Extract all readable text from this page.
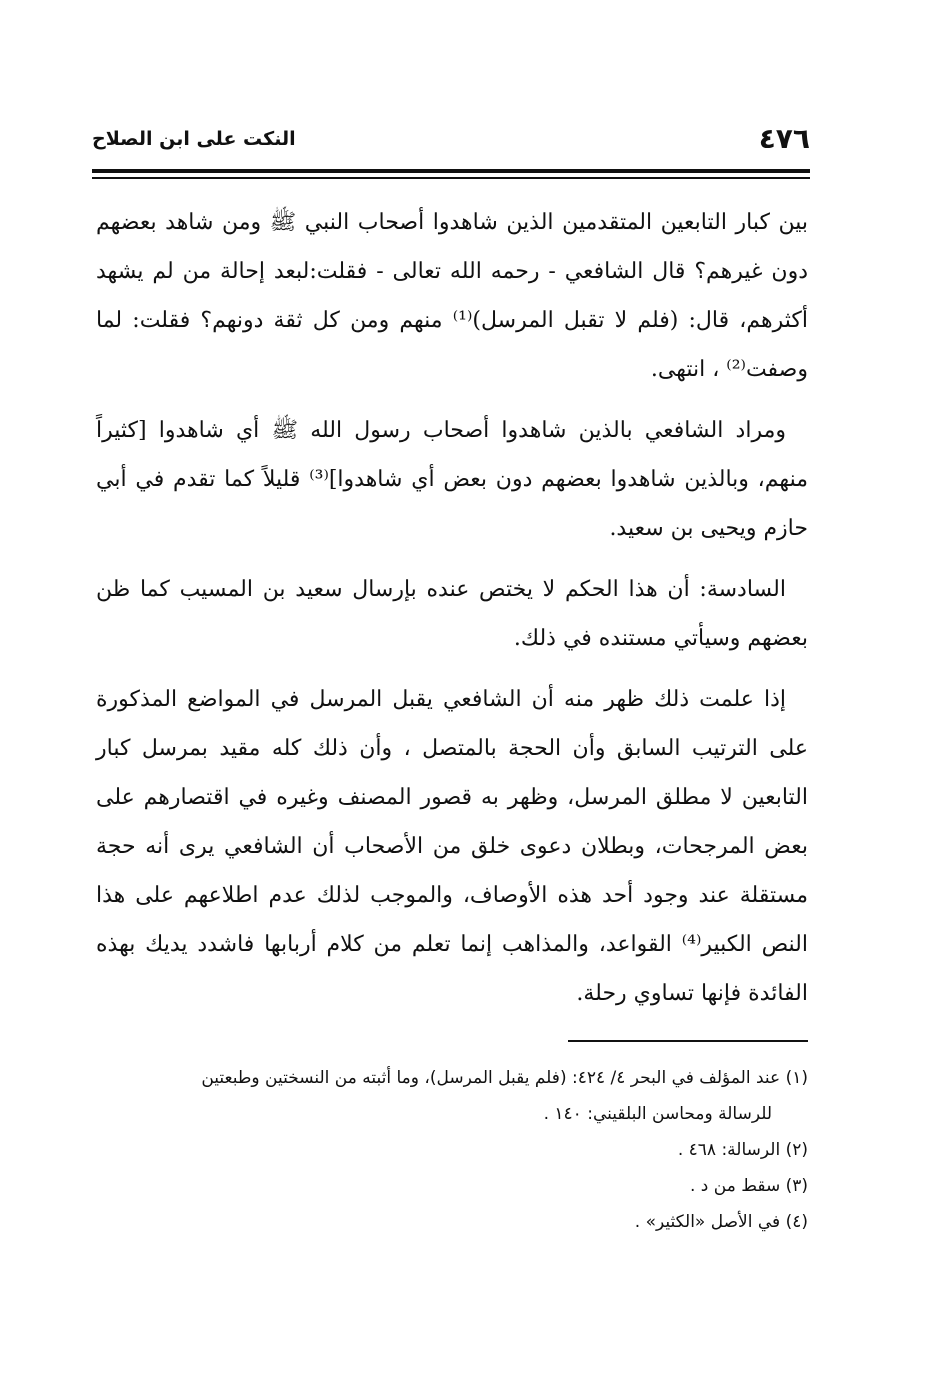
٤٧٦
النكت على ابن الصلاح

بين كبار التابعين المتقدمين الذين شاهدوا أصحاب النبي ﷺ ومن شاهد بعضهم دون غيرهم؟ قال الشافعي - رحمه الله تعالى - فقلت:لبعد إحالة من لم يشهد أكثرهم، قال: (فلم لا تقبل المرسل)⁽¹⁾ منهم ومن كل ثقة دونهم؟ فقلت: لما وصفت⁽²⁾ ، انتهى.

ومراد الشافعي بالذين شاهدوا أصحاب رسول الله ﷺ أي شاهدوا [كثيراً منهم، وبالذين شاهدوا بعضهم دون بعض أي شاهدوا]⁽³⁾ قليلاً كما تقدم في أبي حازم ويحيى بن سعيد.

السادسة: أن هذا الحكم لا يختص عنده بإرسال سعيد بن المسيب كما ظن بعضهم وسيأتي مستنده في ذلك.

إذا علمت ذلك ظهر منه أن الشافعي يقبل المرسل في المواضع المذكورة على الترتيب السابق وأن الحجة بالمتصل ، وأن ذلك كله مقيد بمرسل كبار التابعين لا مطلق المرسل، وظهر به قصور المصنف وغيره في اقتصارهم على بعض المرجحات، وبطلان دعوى خلق من الأصحاب أن الشافعي يرى أنه حجة مستقلة عند وجود أحد هذه الأوصاف، والموجب لذلك عدم اطلاعهم على هذا النص الكبير⁽⁴⁾ القواعد، والمذاهب إنما تعلم من كلام أربابها فاشدد يديك بهذه الفائدة فإنها تساوي رحلة.

(١) عند المؤلف في البحر ٤/ ٤٢٤: (فلم يقبل المرسل)، وما أثبته من النسختين وطبعتين

للرسالة ومحاسن البلقيني: ١٤٠ .

(٢) الرسالة: ٤٦٨ .

(٣) سقط من د .

(٤) في الأصل «الكثير» .
